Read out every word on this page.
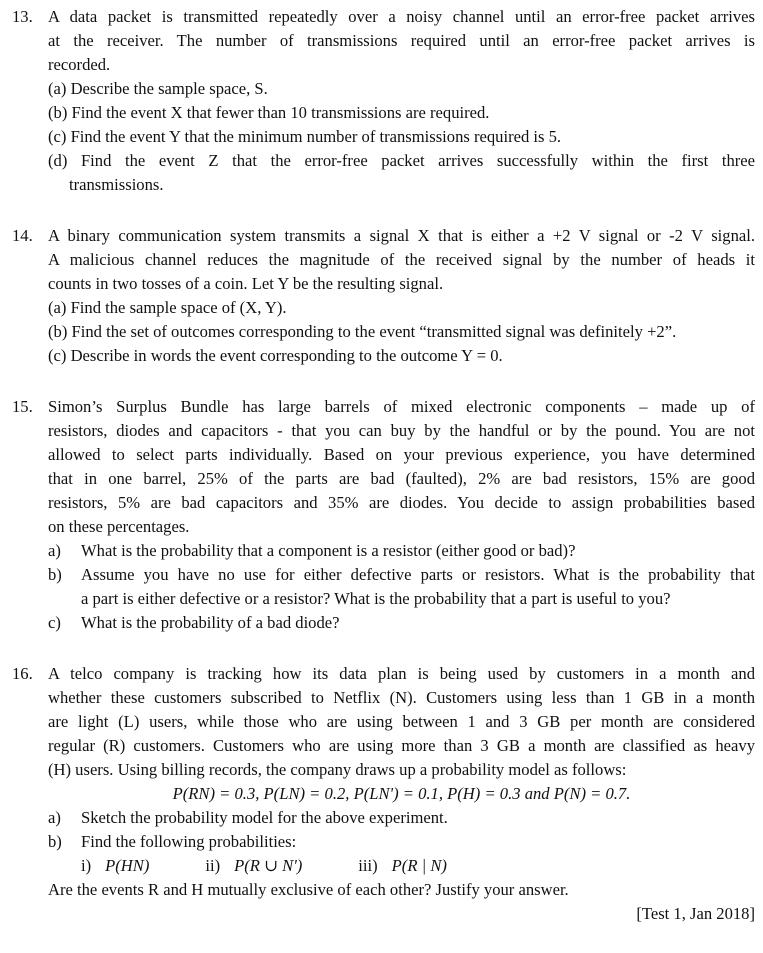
13. A data packet is transmitted repeatedly over a noisy channel until an error-free packet arrives
at the receiver. The number of transmissions required until an error-free packet arrives is
recorded.
(a) Describe the sample space, S.
(b) Find the event X that fewer than 10 transmissions are required.
(c) Find the event Y that the minimum number of transmissions required is 5.
(d) Find the event Z that the error-free packet arrives successfully within the first three
transmissions.
14. A binary communication system transmits a signal X that is either a +2 V signal or -2 V signal.
A malicious channel reduces the magnitude of the received signal by the number of heads it
counts in two tosses of a coin. Let Y be the resulting signal.
(a) Find the sample space of (X, Y).
(b) Find the set of outcomes corresponding to the event “transmitted signal was definitely +2”.
(c) Describe in words the event corresponding to the outcome Y = 0.
15. Simon’s Surplus Bundle has large barrels of mixed electronic components – made up of
resistors, diodes and capacitors - that you can buy by the handful or by the pound. You are not
allowed to select parts individually. Based on your previous experience, you have determined
that in one barrel, 25% of the parts are bad (faulted), 2% are bad resistors, 15% are good
resistors, 5% are bad capacitors and 35% are diodes. You decide to assign probabilities based
on these percentages.
a) What is the probability that a component is a resistor (either good or bad)?
b) Assume you have no use for either defective parts or resistors. What is the probability that
a part is either defective or a resistor? What is the probability that a part is useful to you?
c) What is the probability of a bad diode?
16. A telco company is tracking how its data plan is being used by customers in a month and
whether these customers subscribed to Netflix (N). Customers using less than 1 GB in a month
are light (L) users, while those who are using between 1 and 3 GB per month are considered
regular (R) customers. Customers who are using more than 3 GB a month are classified as heavy
(H) users. Using billing records, the company draws up a probability model as follows:
P(RN) = 0.3, P(LN) = 0.2, P(LN') = 0.1, P(H) = 0.3 and P(N) = 0.7.
a) Sketch the probability model for the above experiment.
b) Find the following probabilities:
i) P(HN)	ii) P(R ∪ N')	iii) P(R | N)
Are the events R and H mutually exclusive of each other? Justify your answer.
[Test 1, Jan 2018]
